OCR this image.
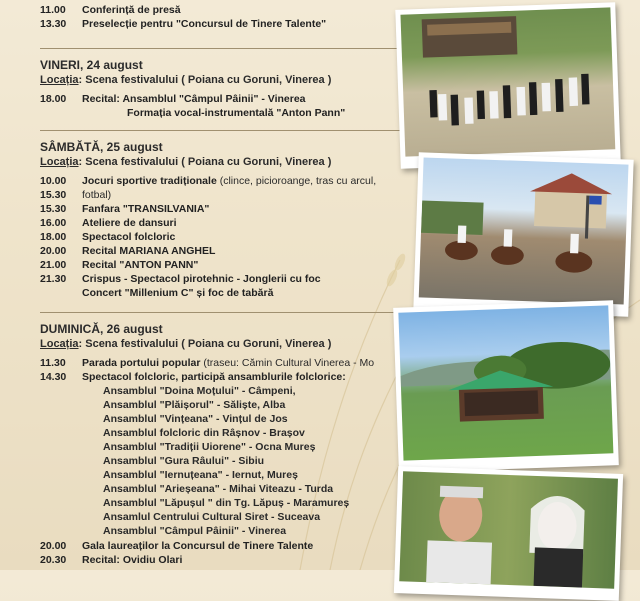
11.00 Conferință de presă
13.30 Preselecție pentru "Concursul de Tinere Talente"
VINERI, 24 august
Locația: Scena festivalului ( Poiana cu Goruni, Vinerea )
18.00 Recital: Ansamblul "Câmpul Pâinii" - Vinerea
Formația vocal-instrumentală "Anton Pann"
SÂMBĂTĂ, 25 august
Locația: Scena festivalului ( Poiana cu Goruni, Vinerea )
10.00 Jocuri sportive tradiționale (clince, picioroange, tras cu arcul,
15.30 fotbal)
15.30 Fanfara "TRANSILVANIA"
16.00 Ateliere de dansuri
18.00 Spectacol folcloric
20.00 Recital MARIANA ANGHEL
21.00 Recital "ANTON PANN"
21.30 Crispus - Spectacol pirotehnic - Jonglerii cu foc
Concert "Millenium C" și foc de tabără
DUMINICĂ, 26 august
Locația: Scena festivalului ( Poiana cu Goruni, Vinerea )
11.30 Parada portului popular (traseu: Cămin Cultural Vinerea - Mo
14.30 Spectacol folcloric, participă ansamblurile folclorice:
Ansamblul "Doina Moțului" - Câmpeni,
Ansamblul "Plăișorul" - Săliște, Alba
Ansamblul "Vințeana" - Vințul de Jos
Ansamblul folcloric din Râșnov - Brașov
Ansamblul "Tradiții Uiorene" - Ocna Mureș
Ansamblul "Gura Râului" - Sibiu
Ansamblul "Iernuțeana" - Iernut, Mureș
Ansamblul "Arieșeana" - Mihai Viteazu - Turda
Ansamblul "Lăpușul " din Tg. Lăpuș - Maramureș
Ansamlul Centrului Cultural Siret - Suceava
Ansamblul "Câmpul Pâinii" - Vinerea
20.00 Gala laureaților la Concursul de Tinere Talente
20.30 Recital: Ovidiu Olari
